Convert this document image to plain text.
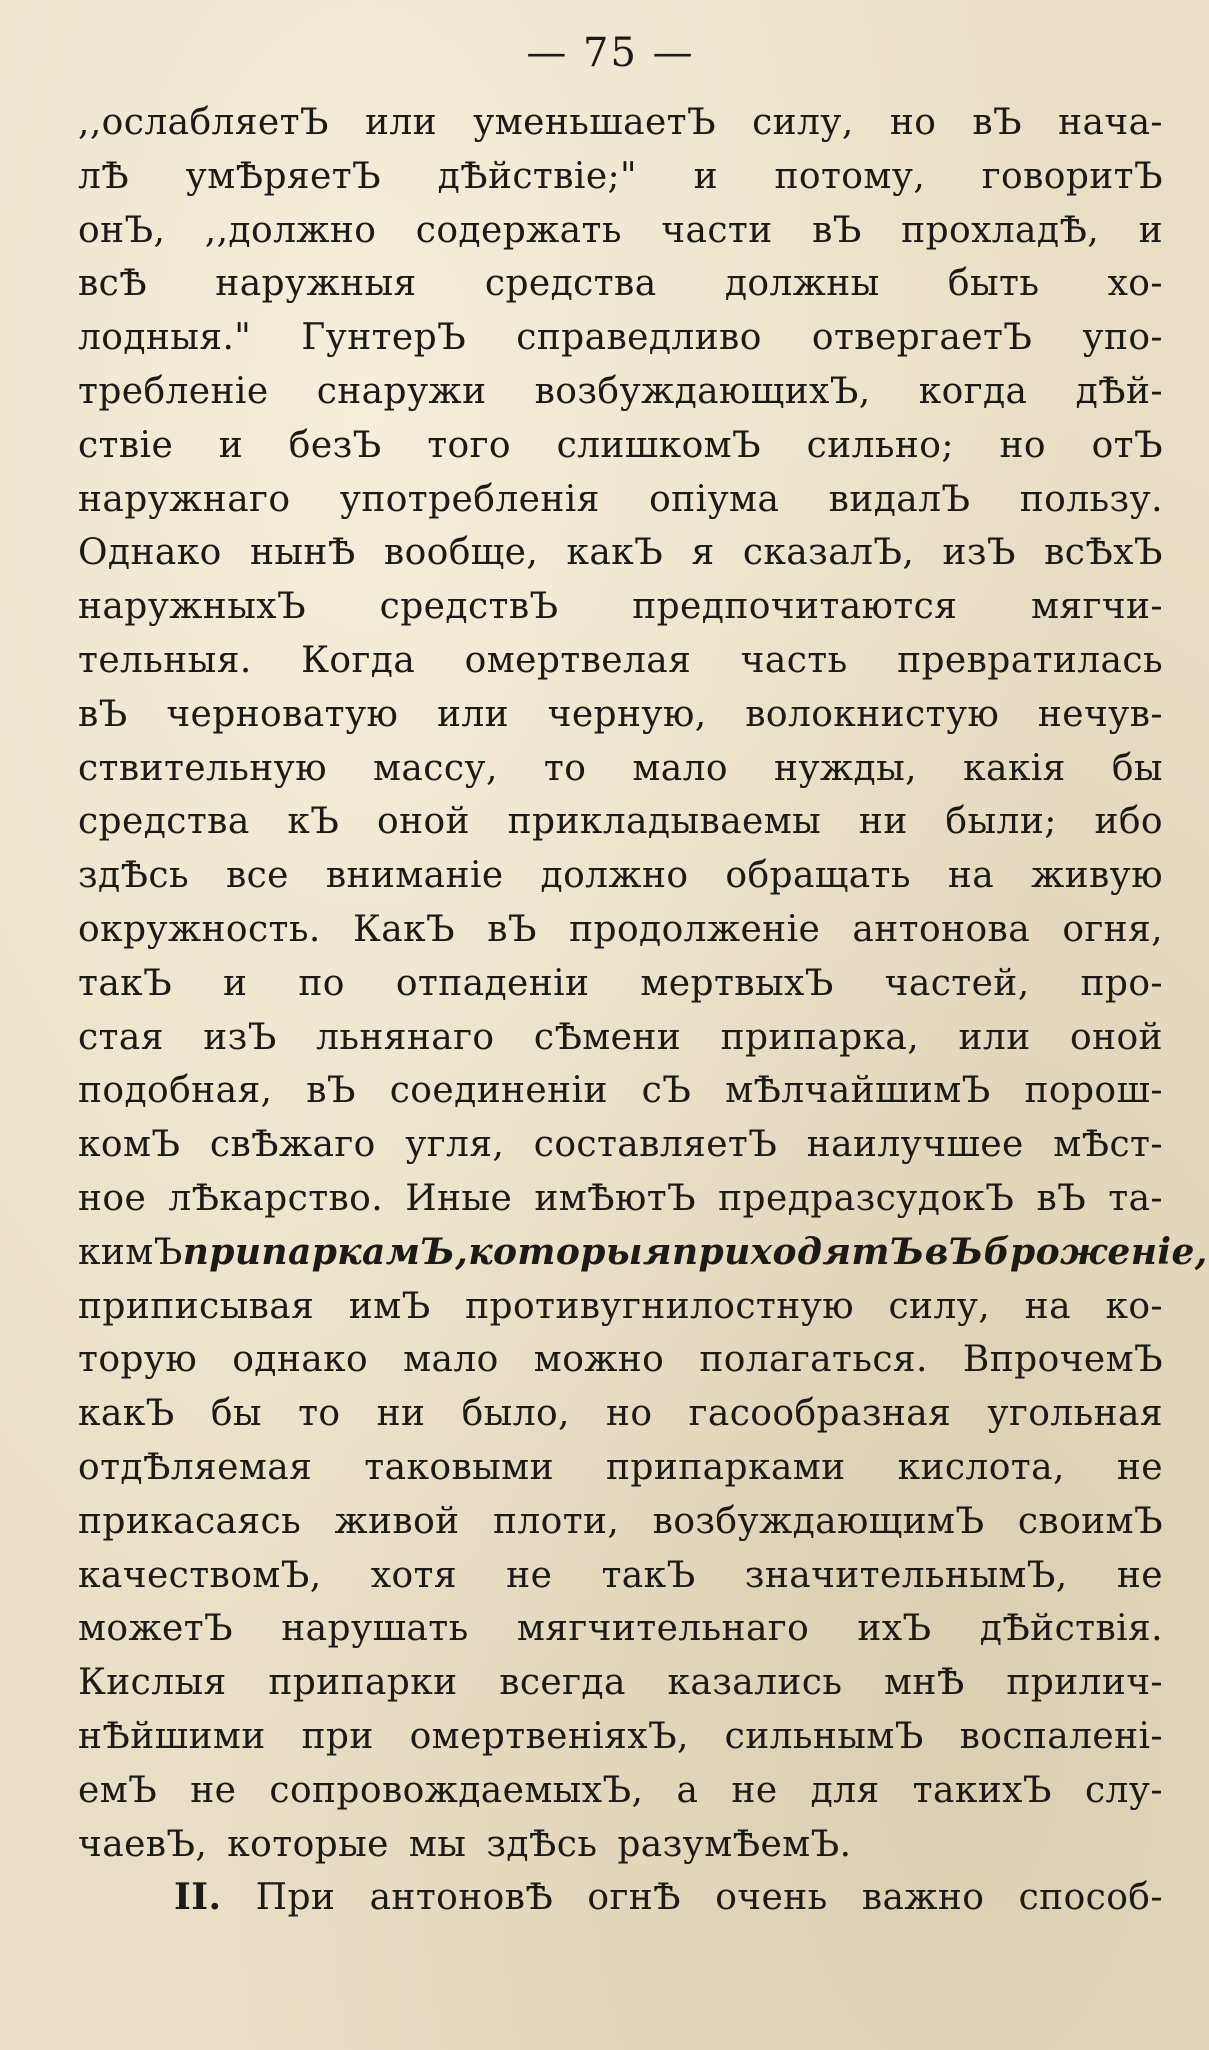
— 75 —
,,ослабляетЪ или уменьшаетЪ силу, но вЪ нача-
лѢ умѢряетЪ дѢйствiе;" и потому, говоритЪ
онЪ, ,,должно содержать части вЪ прохладѢ, и
всѢ наружныя средства должны быть хо-
лодныя." ГунтерЪ справедливо отвергаетЪ упо-
требленiе снаружи возбуждающихЪ, когда дѢй-
ствiе и безЪ того слишкомЪ сильно; но отЪ
наружнаго употребленiя опiума видалЪ пользу.
Однако нынѢ вообще, какЪ я сказалЪ, изЪ всѢхЪ
наружныхЪ средствЪ предпочитаются мягчи-
тельныя. Когда омертвелая часть превратилась
вЪ черноватую или черную, волокнистую нечув-
ствительную массу, то мало нужды, какiя бы
средства кЪ оной прикладываемы ни были; ибо
здѢсь все вниманiе должно обращать на живую
окружность. КакЪ вЪ продолженiе антонова огня,
такЪ и по отпаденiи мертвыхЪ частей, про-
стая изЪ льнянаго сѢмени припарка, или оной
подобная, вЪ соединенiи сЪ мѢлчайшимЪ порош-
комЪ свѢжаго угля, составляетЪ наилучшее мѢст-
ное лѢкарство. Иные имѢютЪ предразсудокЪ вЪ та-
кимЪ припаркамЪ, которыя приходятЪ вЪ броженiе,
приписывая имЪ противугнилостную силу, на ко-
торую однако мало можно полагаться. ВпрочемЪ
какЪ бы то ни было, но гасообразная угольная
отдѢляемая таковыми припарками кислота, не
прикасаясь живой плоти, возбуждающимЪ своимЪ
качествомЪ, хотя не такЪ значительнымЪ, не
можетЪ нарушать мягчительнаго ихЪ дѢйствiя.
Кислыя припарки всегда казались мнѢ прилич-
нѢйшими при омертвенiяхЪ, сильнымЪ воспаленi-
емЪ не сопровождаемыхЪ, а не для такихЪ слу-
чаевЪ, которые мы здѢсь разумѢемЪ.
II. При антоновѢ огнѢ очень важно способ-
